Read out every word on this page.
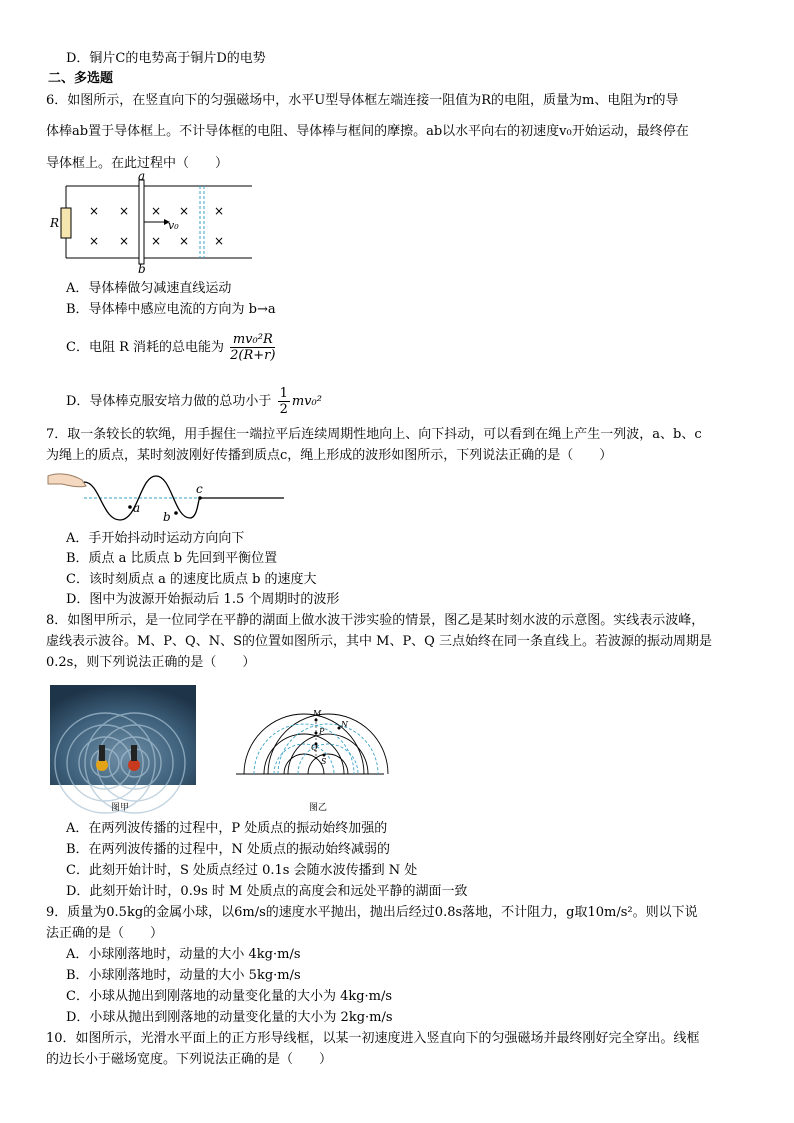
D．铜片C的电势高于铜片D的电势
二、多选题
6．如图所示，在竖直向下的匀强磁场中，水平U型导体框左端连接一阻值为R的电阻，质量为m、电阻为r的导
体棒ab置于导体框上。不计导体框的电阻、导体棒与框间的摩擦。ab以水平向右的初速度v₀开始运动，最终停在
导体框上。在此过程中（　　）
R
a
b
v₀
× × × × ×
× × × × ×
A．导体棒做匀减速直线运动
B．导体棒中感应电流的方向为 b→a
C．电阻 R 消耗的总电能为 $\frac{\text{mv₀²R}}{2(R+r)}$
D．导体棒克服安培力做的总功小于 $\frac{1}{2} mv_0^2$
7．取一条较长的软绳，用手握住一端拉平后连续周期性地向上、向下抖动，可以看到在绳上产生一列波，a、b、c
为绳上的质点，某时刻波刚好传播到质点c，绳上形成的波形如图所示，下列说法正确的是（　　）
a
b
c
A．手开始抖动时运动方向向下
B．质点 a 比质点 b 先回到平衡位置
C．该时刻质点 a 的速度比质点 b 的速度大
D．图中为波源开始振动后 1.5 个周期时的波形
8．如图甲所示，是一位同学在平静的湖面上做水波干涉实验的情景，图乙是某时刻水波的示意图。实线表示波峰，
虚线表示波谷。M、P、Q、N、S的位置如图所示，其中 M、P、Q 三点始终在同一条直线上。若波源的振动周期是
0.2s，则下列说法正确的是（　　）
图甲
M
P
Q
N
S
图乙
A．在两列波传播的过程中，P 处质点的振动始终加强的
B．在两列波传播的过程中，N 处质点的振动始终减弱的
C．此刻开始计时，S 处质点经过 0.1s 会随水波传播到 N 处
D．此刻开始计时，0.9s 时 M 处质点的高度会和远处平静的湖面一致
9．质量为0.5kg的金属小球，以6m/s的速度水平抛出，抛出后经过0.8s落地，不计阻力，g取10m/s²。则以下说
法正确的是（　　）
A．小球刚落地时，动量的大小 4kg·m/s
B．小球刚落地时，动量的大小 5kg·m/s
C．小球从抛出到刚落地的动量变化量的大小为 4kg·m/s
D．小球从抛出到刚落地的动量变化量的大小为 2kg·m/s
10．如图所示，光滑水平面上的正方形导线框，以某一初速度进入竖直向下的匀强磁场并最终刚好完全穿出。线框
的边长小于磁场宽度。下列说法正确的是（　　）
